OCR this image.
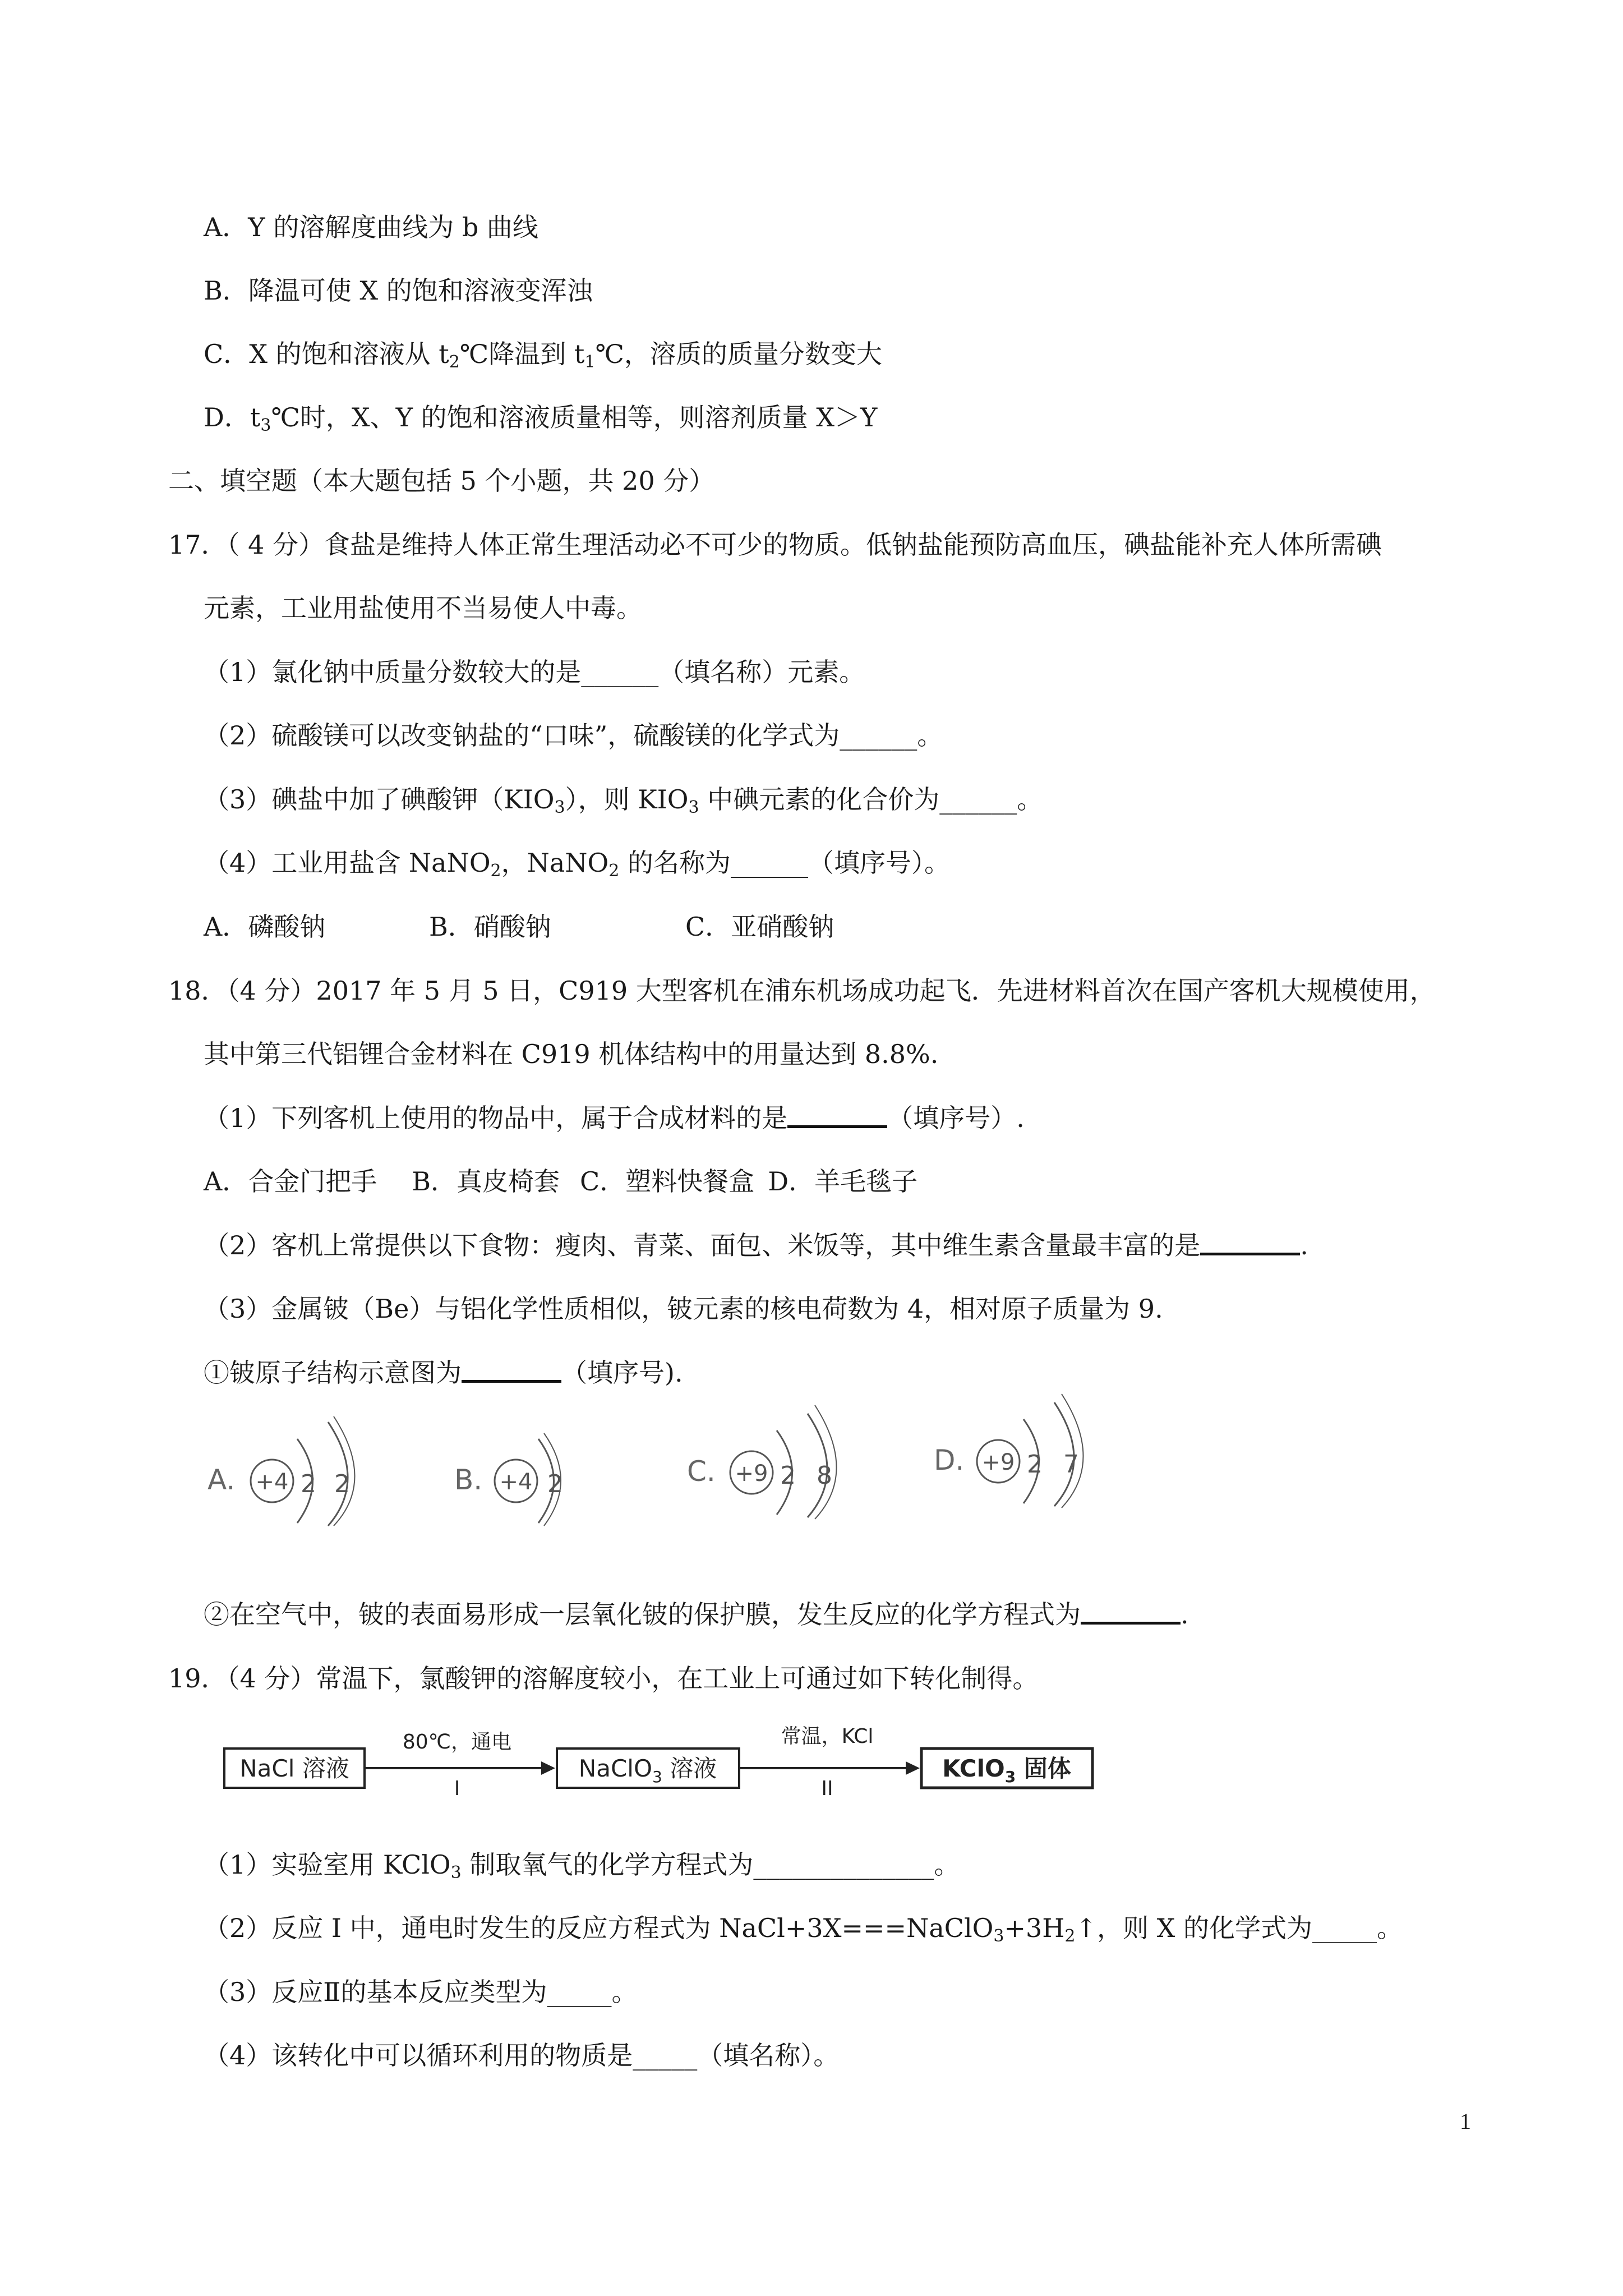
A．Y 的溶解度曲线为 b 曲线
B．降温可使 X 的饱和溶液变浑浊
C．X 的饱和溶液从 $t_2℃$降温到 $t_1℃$，溶质的质量分数变大
D．$t_3℃$时，X、Y 的饱和溶液质量相等，则溶剂质量 X＞Y
二、填空题（本大题包括 5 个小题，共 20 分）
17．（ 4 分）食盐是维持人体正常生理活动必不可少的物质。低钠盐能预防高血压，碘盐能补充人体所需碘
元素，工业用盐使用不当易使人中毒。
（1）氯化钠中质量分数较大的是______（填名称）元素。
（2）硫酸镁可以改变钠盐的“口味”，硫酸镁的化学式为______。
（3）碘盐中加了碘酸钾$(KIO_3)$，则 $KIO_3$ 中碘元素的化合价为______。
（4）工业用盐含 NaNO$_2$，NaNO$_2$ 的名称为______（填序号）。
A．磷酸钠	B．硝酸钠	C．亚硝酸钠
18．（4 分）2017 年 5 月 5 日，C919 大型客机在浦东机场成功起飞．先进材料首次在国产客机大规模使用，
其中第三代铝锂合金材料在 C919 机体结构中的用量达到 8.8%.
（1）下列客机上使用的物品中，属于合成材料的是	（填序号）.
A．合金门把手 B．真皮椅套 C．塑料快餐盒 D．羊毛毯子
（2）客机上常提供以下食物：瘦肉、青菜、面包、米饭等，其中维生素含量最丰富的是	.
（3）金属铍（Be）与铝化学性质相似，铍元素的核电荷数为 4，相对原子质量为 9.
①铍原子结构示意图为	（填序号).
A. +4 2 2	B. +4 2	C. +9 2 8	D. +9 2 7
②在空气中，铍的表面易形成一层氧化铍的保护膜，发生反应的化学方程式为	.
19．（4 分）常温下，氯酸钾的溶解度较小，在工业上可通过如下转化制得。
NaCl 溶液
80℃，通电
I
NaClO$_3$ 溶液
常温，KCl
II
KClO$_3$ 固体
（1）实验室用 KClO$_3$ 制取氧气的化学方程式为______________。
（2）反应 I 中，通电时发生的反应方程式为 $NaCl+3X===NaClO_3+3H_2↑$，则 X 的化学式为_____。
（3）反应Ⅱ的基本反应类型为_____。
（4）该转化中可以循环利用的物质是_____（填名称）。
1
